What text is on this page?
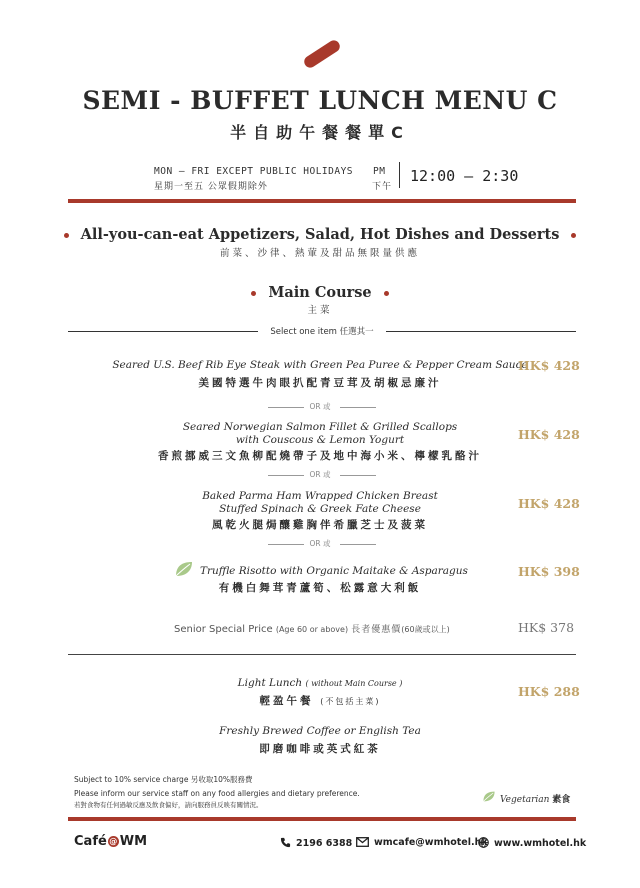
SEMI - BUFFET LUNCH MENU C
半自助午餐餐單C
MON – FRI EXCEPT PUBLIC HOLIDAYS
星期一至五 公眾假期除外
PM
下午
12:00 – 2:30
All-you-can-eat Appetizers, Salad, Hot Dishes and Desserts
前菜、沙律、熱葷及甜品無限量供應
Main Course
主菜
Select one item 任選其一
Seared U.S. Beef Rib Eye Steak with Green Pea Puree & Pepper Cream Sauce
美國特選牛肉眼扒配青豆茸及胡椒忌廉汁
HK$ 428
OR 或
Seared Norwegian Salmon Fillet & Grilled Scallops
with Couscous & Lemon Yogurt
香煎挪威三文魚柳配燒帶子及地中海小米、檸檬乳酪汁
HK$ 428
OR 或
Baked Parma Ham Wrapped Chicken Breast
Stuffed Spinach & Greek Fate Cheese
風乾火腿焗釀雞胸伴希臘芝士及菠菜
HK$ 428
OR 或
Truffle Risotto with Organic Maitake & Asparagus
有機白舞茸青蘆筍、松露意大利飯
HK$ 398
Senior Special Price (Age 60 or above) 長者優惠價(60歲或以上)	HK$ 378
Light Lunch ( without Main Course )
輕盈午餐 (不包括主菜)
HK$ 288
Freshly Brewed Coffee or English Tea
即磨咖啡或英式紅茶
Subject to 10% service charge 另收取10%服務費
Please inform our service staff on any food allergies and dietary preference.
若對食物有任何過敏反應及飲食偏好，請向服務員反映有關情況。	Vegetarian 素食
Café @ WM	2196 6388	wmcafe@wmhotel.hk www.wmhotel.hk
